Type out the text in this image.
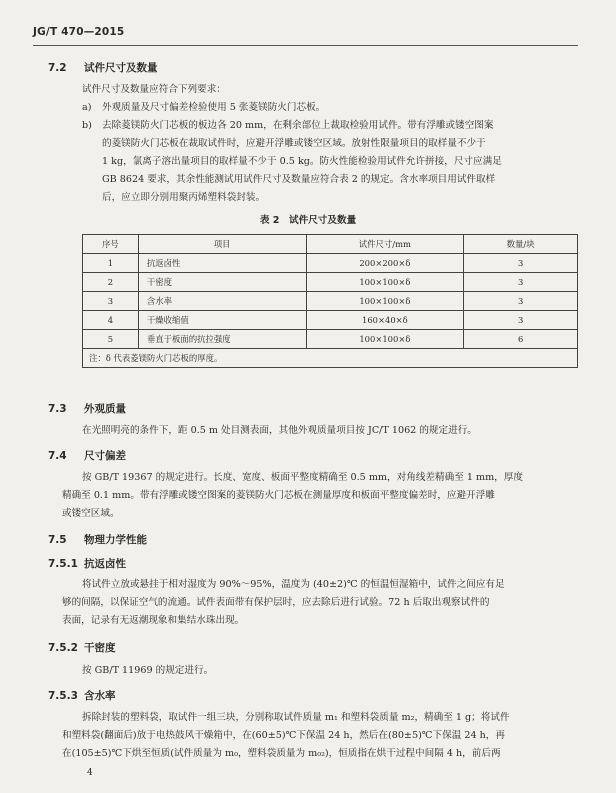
JG/T 470—2015
7.2 试件尺寸及数量
试件尺寸及数量应符合下列要求：
a) 外观质量及尺寸偏差检验使用 5 张菱镁防火门芯板。
b) 去除菱镁防火门芯板的板边各 20 mm，在剩余部位上裁取检验用试件。带有浮雕或镂空图案
的菱镁防火门芯板在裁取试件时，应避开浮雕或镂空区域。放射性限量项目的取样量不少于
1 kg，氯离子溶出量项目的取样量不少于 0.5 kg。防火性能检验用试件允许拼接，尺寸应满足
GB 8624 要求，其余性能测试用试件尺寸及数量应符合表 2 的规定。含水率项目用试件取样
后，应立即分别用聚丙烯塑料袋封装。
表 2　试件尺寸及数量
序号	项目	试件尺寸/mm	数量/块
1	抗返卤性	200×200×δ	3
2	干密度	100×100×δ	3
3	含水率	100×100×δ	3
4	干燥收缩值	160×40×δ	3
5	垂直于板面的抗拉强度	100×100×δ	6
注：δ 代表菱镁防火门芯板的厚度。			
7.3 外观质量
在光照明亮的条件下，距 0.5 m 处目测表面，其他外观质量项目按 JC/T 1062 的规定进行。
7.4 尺寸偏差
按 GB/T 19367 的规定进行。长度、宽度、板面平整度精确至 0.5 mm，对角线差精确至 1 mm，厚度
精确至 0.1 mm。带有浮雕或镂空图案的菱镁防火门芯板在测量厚度和板面平整度偏差时，应避开浮雕
或镂空区域。
7.5 物理力学性能
7.5.1 抗返卤性
将试件立放或悬挂于相对湿度为 90%～95%，温度为 (40±2)℃ 的恒温恒湿箱中，试件之间应有足
够的间隔，以保证空气的流通。试件表面带有保护层时，应去除后进行试验。72 h 后取出观察试件的
表面，记录有无返潮现象和集结水珠出现。
7.5.2 干密度
按 GB/T 11969 的规定进行。
7.5.3 含水率
拆除封装的塑料袋，取试件一组三块，分别称取试件质量 m₁ 和塑料袋质量 m₂，精确至 1 g；将试件
和塑料袋(翻面后)放于电热鼓风干燥箱中，在(60±5)℃下保温 24 h，然后在(80±5)℃下保温 24 h，再
在(105±5)℃下烘至恒质(试件质量为 m₀，塑料袋质量为 m₀₂)，恒质指在烘干过程中间隔 4 h，前后两
4
